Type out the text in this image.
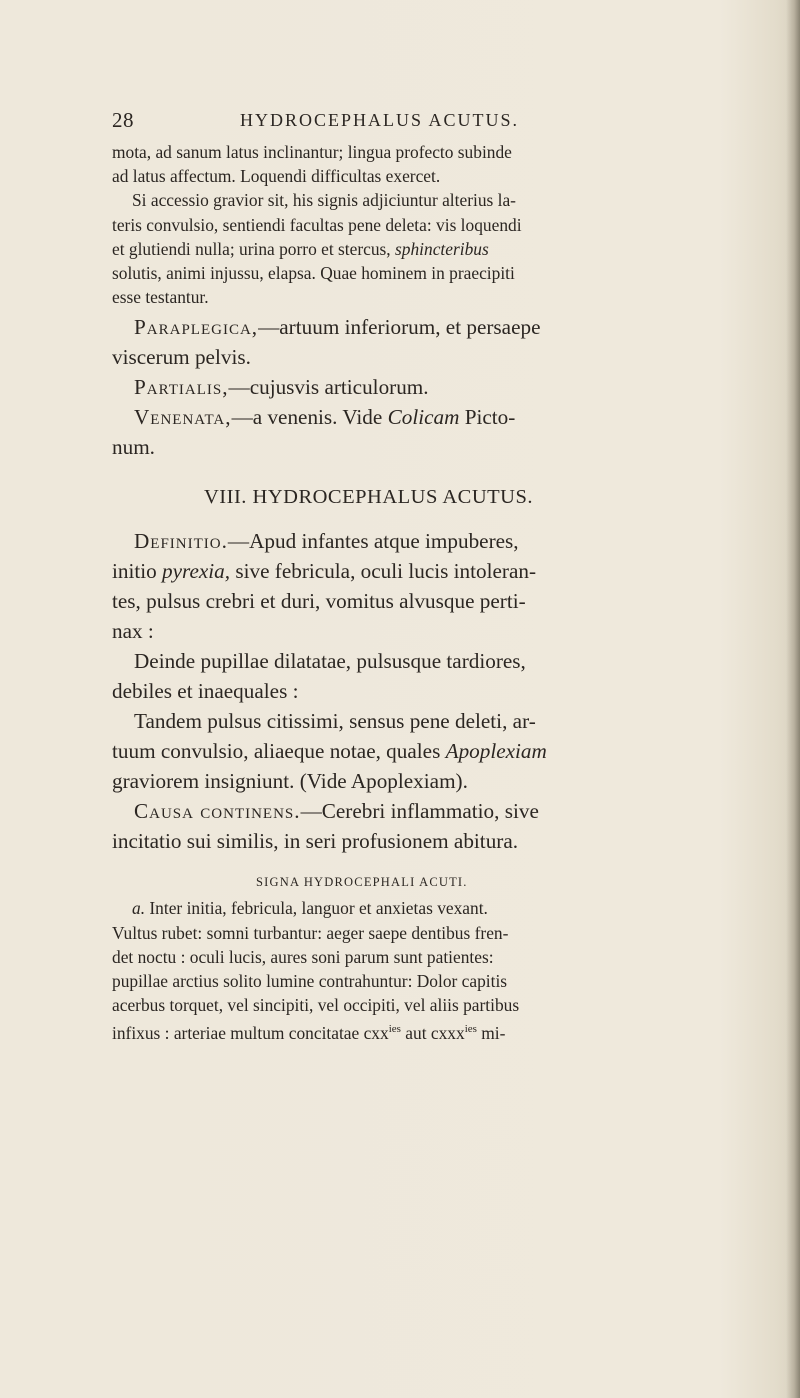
28	HYDROCEPHALUS ACUTUS.
mota, ad sanum latus inclinantur; lingua profecto subinde
ad latus affectum. Loquendi difficultas exercet.
Si accessio gravior sit, his signis adjiciuntur alterius la-
teris convulsio, sentiendi facultas pene deleta: vis loquendi
et glutiendi nulla; urina porro et stercus, sphincteribus
solutis, animi injussu, elapsa. Quae hominem in praecipiti
esse testantur.
Paraplegica,—artuum inferiorum, et persaepe
viscerum pelvis.
Partialis,—cujusvis articulorum.
Venenata,—a venenis. Vide Colicam Picto-
num.
VIII. HYDROCEPHALUS ACUTUS.
Definitio.—Apud infantes atque impuberes,
initio pyrexia, sive febricula, oculi lucis intoleran-
tes, pulsus crebri et duri, vomitus alvusque perti-
nax :
Deinde pupillae dilatatae, pulsusque tardiores,
debiles et inaequales :
Tandem pulsus citissimi, sensus pene deleti, ar-
tuum convulsio, aliaeque notae, quales Apoplexiam
graviorem insigniunt. (Vide Apoplexiam).
Causa continens.—Cerebri inflammatio, sive
incitatio sui similis, in seri profusionem abitura.
SIGNA HYDROCEPHALI ACUTI.
a. Inter initia, febricula, languor et anxietas vexant.
Vultus rubet: somni turbantur: aeger saepe dentibus fren-
det noctu : oculi lucis, aures soni parum sunt patientes:
pupillae arctius solito lumine contrahuntur: Dolor capitis
acerbus torquet, vel sincipiti, vel occipiti, vel aliis partibus
infixus : arteriae multum concitatae cxx$^{ies}$ aut cxxx$^{ies}$ mi-
